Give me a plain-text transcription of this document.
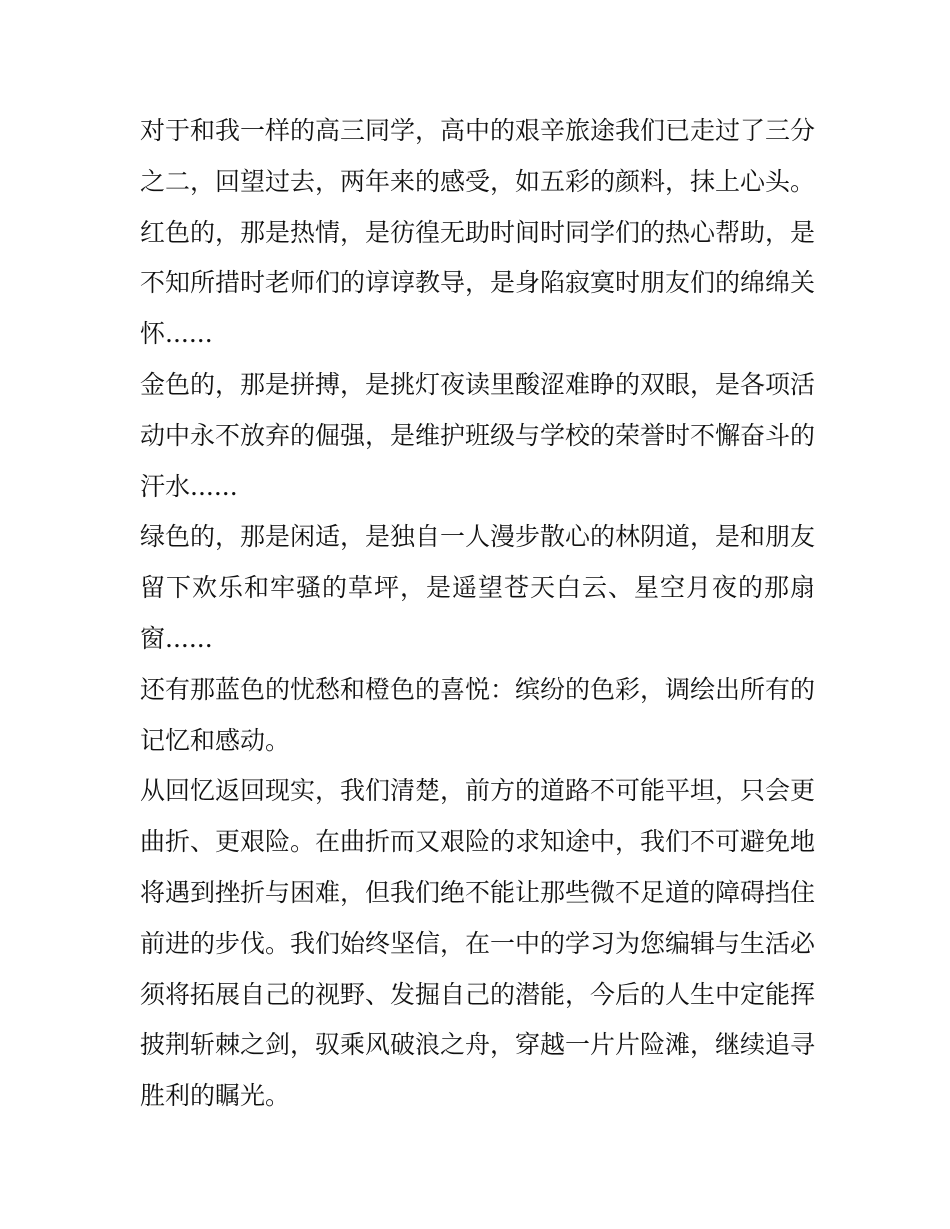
对于和我一样的高三同学，高中的艰辛旅途我们已走过了三分之二，回望过去，两年来的感受，如五彩的颜料，抹上心头。

红色的，那是热情，是彷徨无助时间时同学们的热心帮助，是不知所措时老师们的谆谆教导，是身陷寂寞时朋友们的绵绵关怀......

金色的，那是拼搏，是挑灯夜读里酸涩难睁的双眼，是各项活动中永不放弃的倔强，是维护班级与学校的荣誉时不懈奋斗的汗水......

绿色的，那是闲适，是独自一人漫步散心的林阴道，是和朋友留下欢乐和牢骚的草坪，是遥望苍天白云、星空月夜的那扇窗......

还有那蓝色的忧愁和橙色的喜悦：缤纷的色彩，调绘出所有的记忆和感动。

从回忆返回现实，我们清楚，前方的道路不可能平坦，只会更曲折、更艰险。在曲折而又艰险的求知途中，我们不可避免地将遇到挫折与困难，但我们绝不能让那些微不足道的障碍挡住前进的步伐。我们始终坚信，在一中的学习为您编辑与生活必须将拓展自己的视野、发掘自己的潜能，今后的人生中定能挥披荆斩棘之剑，驭乘风破浪之舟，穿越一片片险滩，继续追寻胜利的瞩光。
